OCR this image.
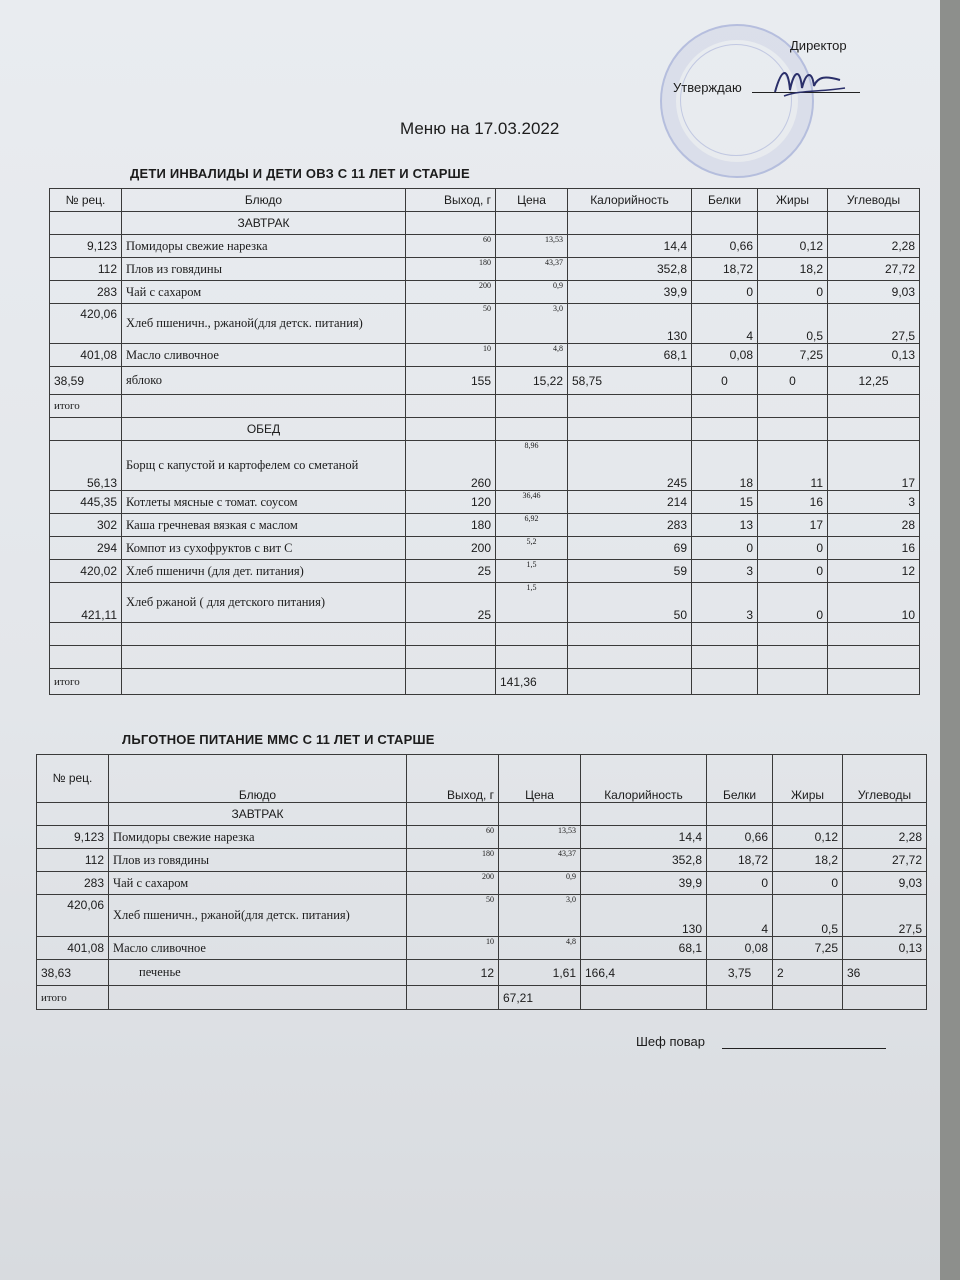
Директор
Утверждаю
Меню на 17.03.2022
ДЕТИ ИНВАЛИДЫ И ДЕТИ ОВЗ С 11 ЛЕТ И СТАРШЕ
№ рец.	Блюдо	Выход, г	Цена	Калорийность	Белки	Жиры	Углеводы
	ЗАВТРАК						
9,123	Помидоры свежие нарезка	60	13,53	14,4	0,66	0,12	2,28
112	Плов из говядины	180	43,37	352,8	18,72	18,2	27,72
283	Чай с сахаром	200	0,9	39,9	0	0	9,03
420,06	Хлеб пшеничн., ржаной(для детск. питания)	50	3,0	130	4	0,5	27,5
401,08	Масло сливочное	10	4,8	68,1	0,08	7,25	0,13
38,59	яблоко	155	15,22	58,75	0	0	12,25
итого							
	ОБЕД						
56,13	Борщ с капустой и картофелем со сметаной	260	8,96	245	18	11	17
445,35	Котлеты мясные с томат. соусом	120	36,46	214	15	16	3
302	Каша гречневая вязкая с маслом	180	6,92	283	13	17	28
294	Компот из сухофруктов с вит С	200	5,2	69	0	0	16
420,02	Хлеб пшеничн (для дет. питания)	25	1,5	59	3	0	12
421,11	Хлеб ржаной ( для детского питания)	25	1,5	50	3	0	10

итого			141,36				
ЛЬГОТНОЕ ПИТАНИЕ ММС С 11 ЛЕТ И СТАРШЕ
№ рец.	Блюдо	Выход, г	Цена	Калорийность	Белки	Жиры	Углеводы
	ЗАВТРАК						
9,123	Помидоры свежие нарезка	60	13,53	14,4	0,66	0,12	2,28
112	Плов из говядины	180	43,37	352,8	18,72	18,2	27,72
283	Чай с сахаром	200	0,9	39,9	0	0	9,03
420,06	Хлеб пшеничн., ржаной(для детск. питания)	50	3,0	130	4	0,5	27,5
401,08	Масло сливочное	10	4,8	68,1	0,08	7,25	0,13
38,63	печенье	12	1,61	166,4	3,75	2	36
итого			67,21				
Шеф повар
